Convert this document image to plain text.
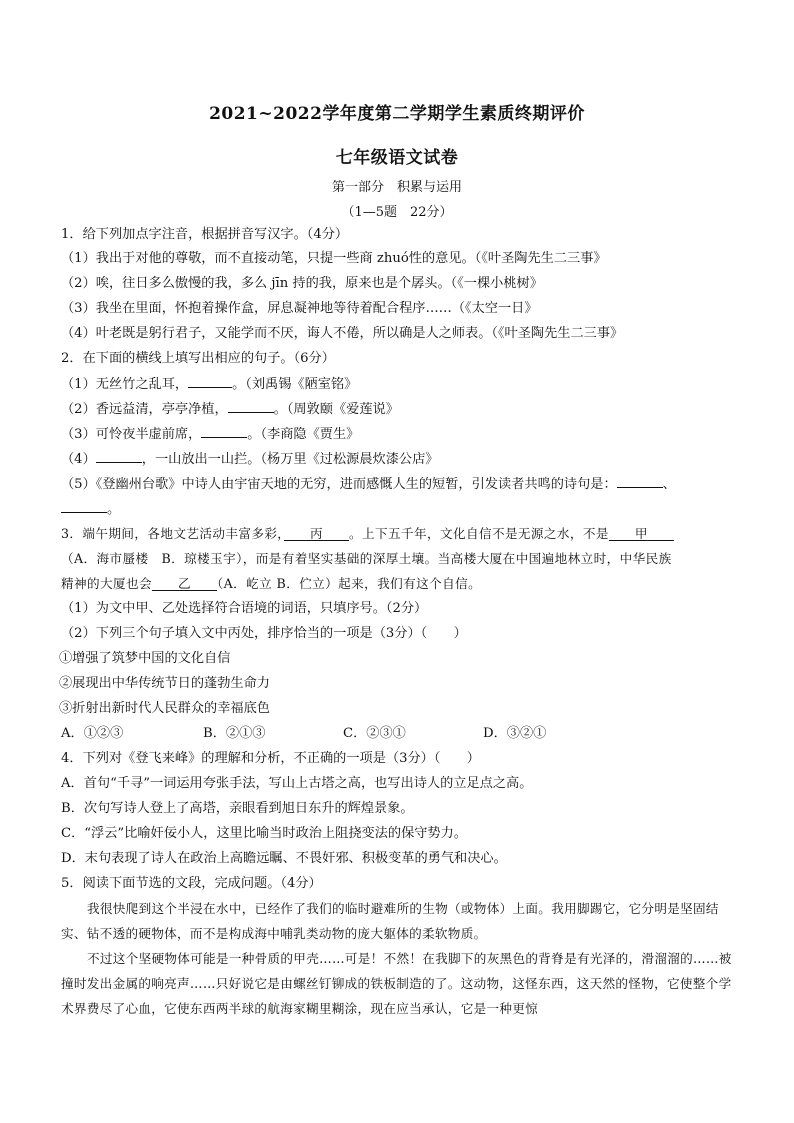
2021~2022学年度第二学期学生素质终期评价
七年级语文试卷
第一部分　积累与运用
（1—5题　22分）
1．给下列加点字注音，根据拼音写汉字。（4分）
（1）我出于对他的尊敬，而不直接动笔，只提一些商 zhuó性的意见。（《叶圣陶先生二三事》
（2）唉，往日多么傲慢的我，多么 jīn 持的我，原来也是个孱头。（《一棵小桃树》
（3）我坐在里面，怀抱着操作盒，屏息凝神地等待着配合程序……（《太空一日》
（4）叶老既是躬行君子，又能学而不厌，诲人不倦，所以确是人之师表。（《叶圣陶先生二三事》
2．在下面的横线上填写出相应的句子。（6分）
（1）无丝竹之乱耳，	。（刘禹锡《陋室铭》
（2）香远益清，亭亭净植，	。（周敦颐《爱莲说》
（3）可怜夜半虚前席，	。（李商隐《贾生》
（4）	，一山放出一山拦。（杨万里《过松源晨炊漆公店》
（5）《登幽州台歌》中诗人由宇宙天地的无穷，进而感慨人生的短暂，引发读者共鸣的诗句是：	、
。
3．端午期间，各地文艺活动丰富多彩，　　 丙　　 。上下五千年，文化自信不是无源之水，不是　　 甲　　
（A．海市蜃楼　B．琼楼玉宇），而是有着坚实基础的深厚土壤。当高楼大厦在中国遍地林立时，中华民族
精神的大厦也会　　 乙　　 （A．屹立 B．伫立）起来，我们有这个自信。
（1）为文中甲、乙处选择符合语境的词语，只填序号。（2分）
（2）下列三个句子填入文中丙处，排序恰当的一项是（3分）（　　）
①增强了筑梦中国的文化自信
②展现出中华传统节日的蓬勃生命力
③折射出新时代人民群众的幸福底色
A．①②③	B．②①③	C．②③①	D．③②①
4．下列对《登飞来峰》的理解和分析，不正确的一项是（3分）（　　）
A．首句“千寻”一词运用夸张手法，写山上古塔之高，也写出诗人的立足点之高。
B．次句写诗人登上了高塔，亲眼看到旭日东升的辉煌景象。
C．“浮云”比喻奸佞小人，这里比喻当时政治上阻挠变法的保守势力。
D．末句表现了诗人在政治上高瞻远瞩、不畏奸邪、积极变革的勇气和决心。
5．阅读下面节选的文段，完成问题。（4分）
我很快爬到这个半浸在水中，已经作了我们的临时避难所的生物（或物体）上面。我用脚踢它，它分明是坚固结实、钻不透的硬物体，而不是构成海中哺乳类动物的庞大躯体的柔软物质。
不过这个坚硬物体可能是一种骨质的甲壳……可是！不然！在我脚下的灰黑色的背脊是有光泽的，滑溜溜的……被撞时发出金属的响亮声……只好说它是由螺丝钉铆成的铁板制造的了。这动物，这怪东西，这天然的怪物，它使整个学术界费尽了心血，它使东西两半球的航海家糊里糊涂，现在应当承认，它是一种更惊
